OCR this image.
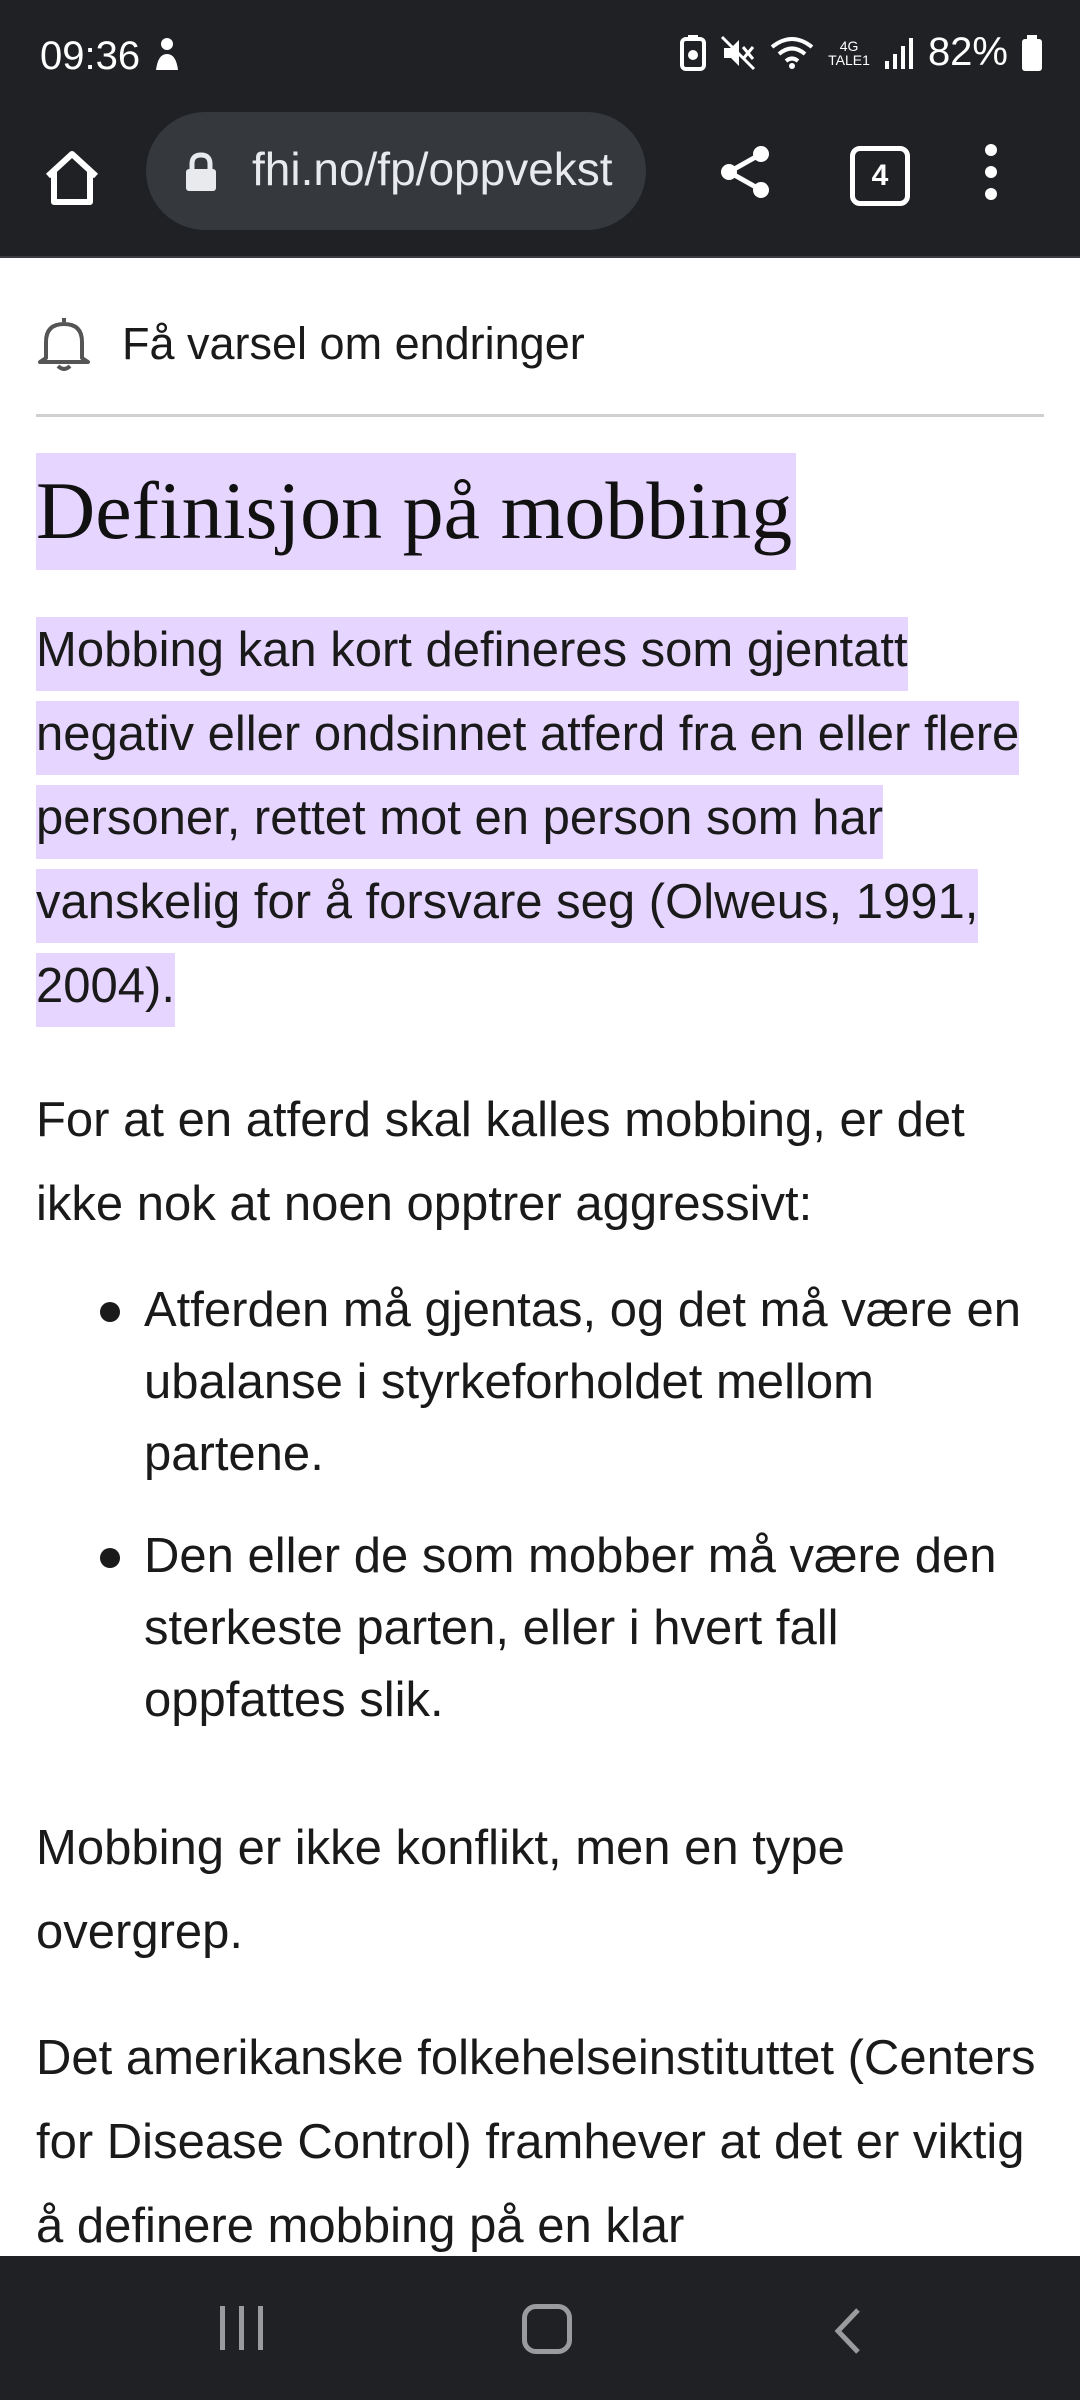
09:36	4G
TALE1 82%
fhi.no/fp/oppvekst	4
Få varsel om endringer
Definisjon på mobbing

Mobbing kan kort defineres som gjentatt negativ eller ondsinnet atferd fra en eller flere personer, rettet mot en person som har vanskelig for å forsvare seg (Olweus, 1991, 2004).

For at en atferd skal kalles mobbing, er det ikke nok at noen opptrer aggressivt:

Atferden må gjentas, og det må være en ubalanse i styrkeforholdet mellom partene.
Den eller de som mobber må være den sterkeste parten, eller i hvert fall oppfattes slik.

Mobbing er ikke konflikt, men en type overgrep.

Det amerikanske folkehelseinstituttet (Centers for Disease Control) framhever at det er viktig å definere mobbing på en klar
